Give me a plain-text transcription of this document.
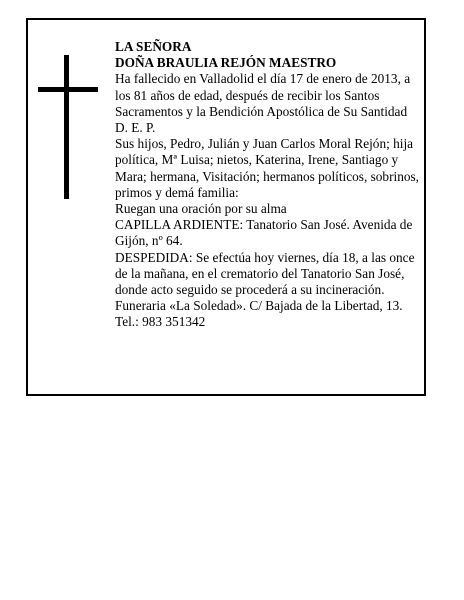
LA SEÑORA

DOÑA BRAULIA REJÓN MAESTRO

Ha fallecido en Valladolid el día 17 de enero de 2013, a los 81 años de edad, después de recibir los Santos Sacramentos y la Bendición Apostólica de Su Santidad

D. E. P.

Sus hijos, Pedro, Julián y Juan Carlos Moral Rejón; hija política, Mª Luisa; nietos, Katerina, Irene, Santiago y Mara; hermana, Visitación; hermanos políticos, sobrinos, primos y demá familia:

Ruegan una oración por su alma

CAPILLA ARDIENTE: Tanatorio San José. Avenida de Gijón, nº 64.

DESPEDIDA: Se efectúa hoy viernes, día 18, a las once de la mañana, en el crematorio del Tanatorio San José, donde acto seguido se procederá a su incineración.

Funeraria «La Soledad». C/ Bajada de la Libertad, 13.

Tel.: 983 351342
